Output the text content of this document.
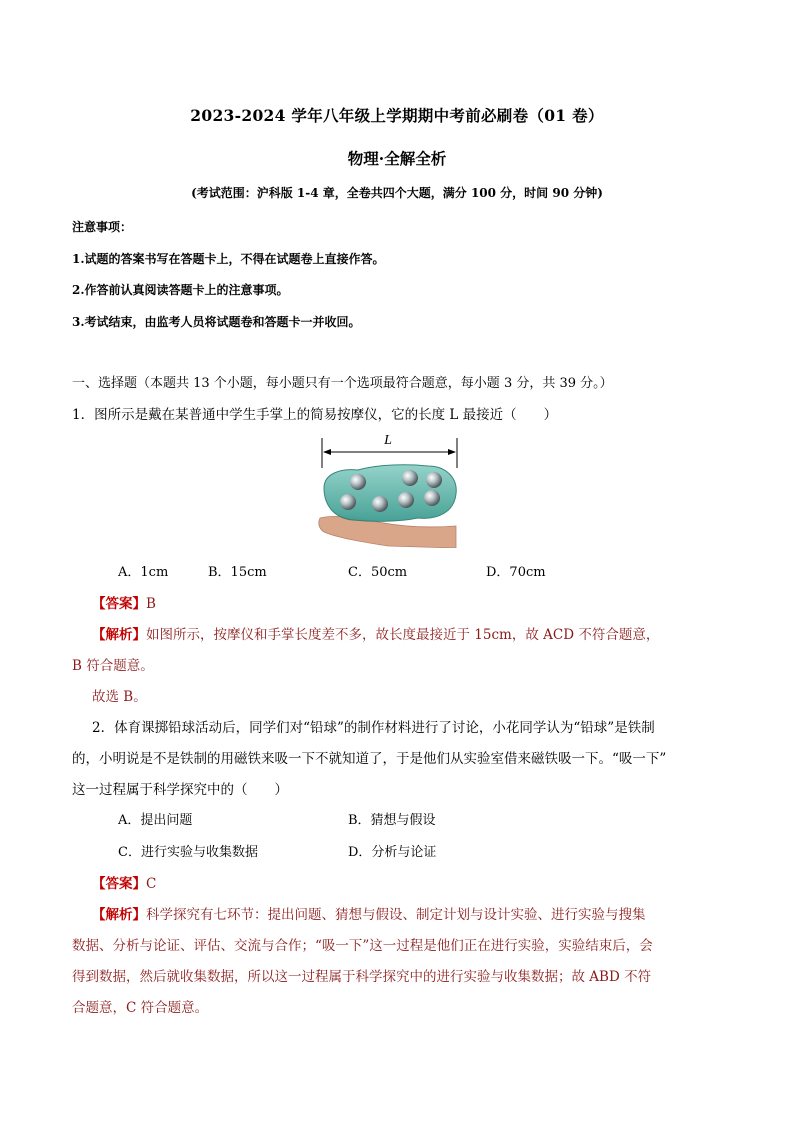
2023-2024 学年八年级上学期期中考前必刷卷（01 卷）
物理·全解全析
(考试范围：沪科版 1-4 章，全卷共四个大题，满分 100 分，时间 90 分钟)
注意事项：
1.试题的答案书写在答题卡上，不得在试题卷上直接作答。
2.作答前认真阅读答题卡上的注意事项。
3.考试结束，由监考人员将试题卷和答题卡一并收回。
一、选择题（本题共 13 个小题，每小题只有一个选项最符合题意，每小题 3 分，共 39 分。）
1．图所示是戴在某普通中学生手掌上的简易按摩仪，它的长度 L 最接近（　　）
L
A．1cm	B．15cm	C．50cm	D．70cm
【答案】B
【解析】如图所示，按摩仪和手掌长度差不多，故长度最接近于 15cm，故 ACD 不符合题意，
B 符合题意。
故选 B。
2．体育课掷铅球活动后，同学们对“铅球”的制作材料进行了讨论，小花同学认为“铅球”是铁制
的，小明说是不是铁制的用磁铁来吸一下不就知道了，于是他们从实验室借来磁铁吸一下。“吸一下”
这一过程属于科学探究中的（　　）
A．提出问题	B．猜想与假设
C．进行实验与收集数据	D．分析与论证
【答案】C
【解析】科学探究有七环节：提出问题、猜想与假设、制定计划与设计实验、进行实验与搜集
数据、分析与论证、评估、交流与合作；“吸一下”这一过程是他们正在进行实验，实验结束后，会
得到数据，然后就收集数据，所以这一过程属于科学探究中的进行实验与收集数据；故 ABD 不符
合题意，C 符合题意。
